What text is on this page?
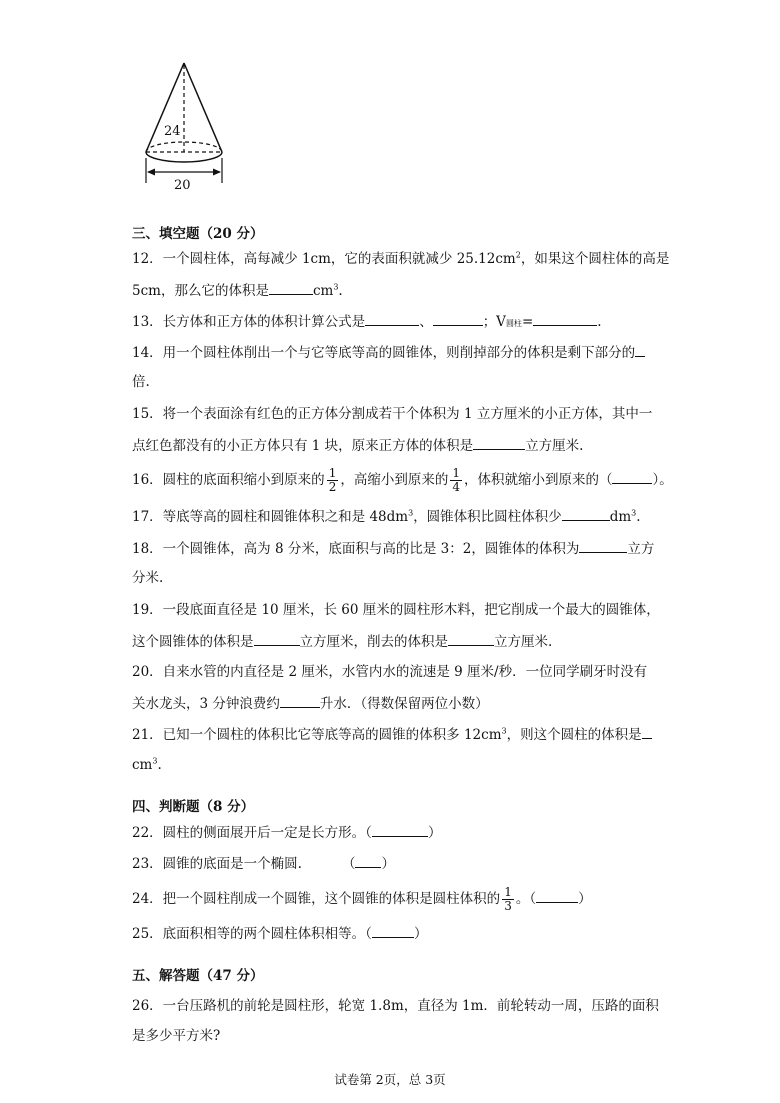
24
20
三、填空题（20 分）
12．一个圆柱体，高每减少 1cm，它的表面积就减少 $25.12cm^2$，如果这个圆柱体的高是
5cm，那么它的体积是	$cm^3$.
13．长方体和正方体的体积计算公式是	、	；V圆柱=	.
14．用一个圆柱体削出一个与它等底等高的圆锥体，则削掉部分的体积是剩下部分的
倍.
15．将一个表面涂有红色的正方体分割成若干个体积为 1 立方厘米的小正方体，其中一
点红色都没有的小正方体只有 1 块，原来正方体的体积是	立方厘米.
16．圆柱的底面积缩小到原来的 $\frac{1}{2}$ ，高缩小到原来的 $\frac{1}{4}$ ，体积就缩小到原来的（	）。
17．等底等高的圆柱和圆锥体积之和是 $48dm^3$，圆锥体积比圆柱体积少	$dm^3$.
18．一个圆锥体，高为 8 分米，底面积与高的比是 3：2，圆锥体的体积为	立方
分米.
19．一段底面直径是 10 厘米，长 60 厘米的圆柱形木料，把它削成一个最大的圆锥体，
这个圆锥体的体积是	立方厘米，削去的体积是	立方厘米.
20．自来水管的内直径是 2 厘米，水管内水的流速是 9 厘米/秒．一位同学刷牙时没有
关水龙头，3 分钟浪费约	升水．（得数保留两位小数）
21．已知一个圆柱的体积比它等底等高的圆锥的体积多 $12cm^3$，则这个圆柱的体积是
$cm^3$.
四、判断题（8 分）
22．圆柱的侧面展开后一定是长方形。（	）
23．圆锥的底面是一个椭圆.	（ ）
24．把一个圆柱削成一个圆锥，这个圆锥的体积是圆柱体积的 $\frac{1}{3}$ 。（	）
25．底面积相等的两个圆柱体积相等。（	）
五、解答题（47 分）
26．一台压路机的前轮是圆柱形，轮宽 1.8m，直径为 1m．前轮转动一周，压路的面积
是多少平方米?
试卷第 2页，总 3页
